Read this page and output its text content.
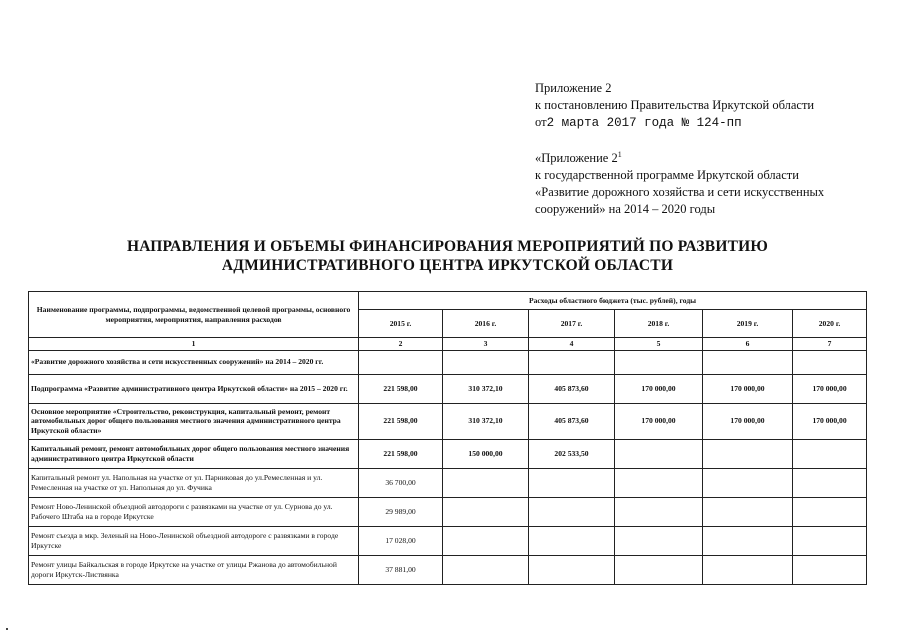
Приложение 2
к постановлению Правительства Иркутской области
от2 марта 2017 года № 124-пп
«Приложение $2^1$
к государственной программе Иркутской области
«Развитие дорожного хозяйства и сети искусственных
сооружений» на 2014 – 2020 годы
НАПРАВЛЕНИЯ И ОБЪЕМЫ ФИНАНСИРОВАНИЯ МЕРОПРИЯТИЙ ПО РАЗВИТИЮ
АДМИНИСТРАТИВНОГО ЦЕНТРА ИРКУТСКОЙ ОБЛАСТИ
Наименование программы, подпрограммы, ведомственной целевой программы, основного мероприятия, мероприятия, направления расходов	Расходы областного бюджета (тыс. рублей), годы					
	2015 г.	2016 г.	2017 г.	2018 г.	2019 г.	2020 г.
1	2	3	4	5	6	7
«Развитие дорожного хозяйства и сети искусственных сооружений» на 2014 – 2020 гг.						
Подпрограмма «Развитие административного центра Иркутской области» на 2015 – 2020 гг.	221 598,00	310 372,10	405 873,60	170 000,00	170 000,00	170 000,00
Основное мероприятие «Строительство, реконструкция, капитальный ремонт, ремонт автомобильных дорог общего пользования местного значения административного центра Иркутской области»	221 598,00	310 372,10	405 873,60	170 000,00	170 000,00	170 000,00
Капитальный ремонт, ремонт автомобильных дорог общего пользования местного значения административного центра Иркутской области	221 598,00	150 000,00	202 533,50			
Капитальный ремонт ул. Напольная на участке от ул. Парниковая до ул.Ремесленная и ул. Ремесленная на участке от ул. Напольная до ул. Фучика	36 700,00					
Ремонт Ново-Ленинской объездной автодороги с развязками на участке от ул. Сурнова до ул. Рабочего Штаба на в городе Иркутске	29 989,00					
Ремонт съезда в мкр. Зеленый на Ново-Ленинской объездной автодороге с развязками в городе Иркутске	17 028,00					
Ремонт улицы Байкальская в городе Иркутске на участке от улицы Ржанова до автомобильной дороги Иркутск-Листвянка	37 881,00					
